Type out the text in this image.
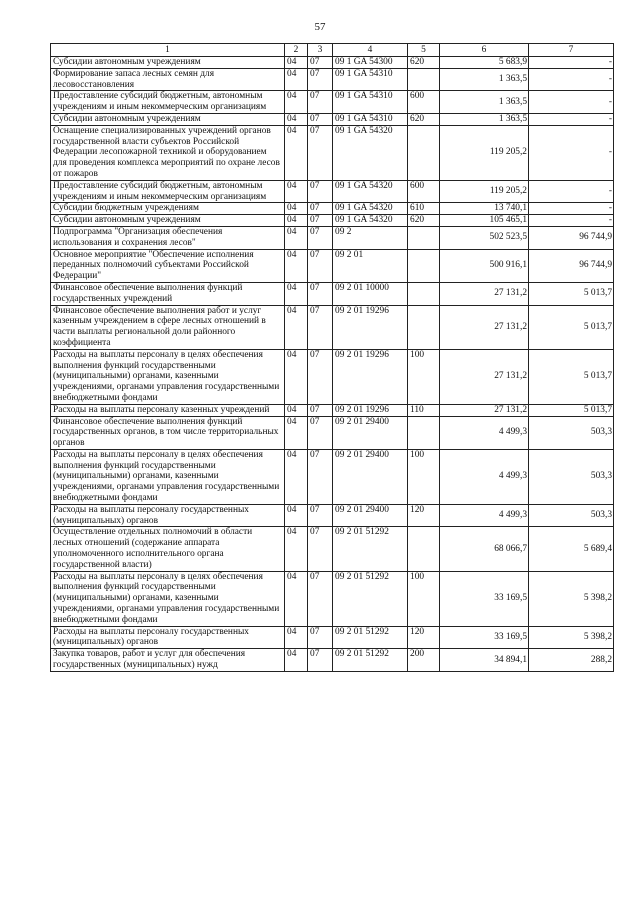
57
1	2	3	4	5	6	7
Субсидии автономным учреждениям	04	07	09 1 GA 54300	620	5 683,9	-
Формирование запаса лесных семян для лесовосстановления	04	07	09 1 GA 54310		1 363,5	-
Предоставление субсидий бюджетным, автономным учреждениям и иным некоммерческим организациям	04	07	09 1 GA 54310	600	1 363,5	-
Субсидии автономным учреждениям	04	07	09 1 GA 54310	620	1 363,5	-
Оснащение специализированных учреждений органов государственной власти субъектов Российской Федерации лесопожарной техникой и оборудованием для проведения комплекса мероприятий по охране лесов от пожаров	04	07	09 1 GA 54320		119 205,2	-
Предоставление субсидий бюджетным, автономным учреждениям и иным некоммерческим организациям	04	07	09 1 GA 54320	600	119 205,2	-
Субсидии бюджетным учреждениям	04	07	09 1 GA 54320	610	13 740,1	-
Субсидии автономным учреждениям	04	07	09 1 GA 54320	620	105 465,1	-
Подпрограмма "Организация обеспечения использования и сохранения лесов"	04	07	09 2		502 523,5	96 744,9
Основное мероприятие "Обеспечение исполнения переданных полномочий субъектами Российской Федерации"	04	07	09 2 01		500 916,1	96 744,9
Финансовое обеспечение выполнения функций государственных учреждений	04	07	09 2 01 10000		27 131,2	5 013,7
Финансовое обеспечение выполнения работ и услуг казенным учреждением в сфере лесных отношений в части выплаты региональной доли районного коэффициента	04	07	09 2 01 19296		27 131,2	5 013,7
Расходы на выплаты персоналу в целях обеспечения выполнения функций государственными (муниципальными) органами, казенными учреждениями, органами управления государственными внебюджетными фондами	04	07	09 2 01 19296	100	27 131,2	5 013,7
Расходы на выплаты персоналу казенных учреждений	04	07	09 2 01 19296	110	27 131,2	5 013,7
Финансовое обеспечение выполнения функций государственных органов, в том числе территориальных органов	04	07	09 2 01 29400		4 499,3	503,3
Расходы на выплаты персоналу в целях обеспечения выполнения функций государственными (муниципальными) органами, казенными учреждениями, органами управления государственными внебюджетными фондами	04	07	09 2 01 29400	100	4 499,3	503,3
Расходы на выплаты персоналу государственных (муниципальных) органов	04	07	09 2 01 29400	120	4 499,3	503,3
Осуществление отдельных полномочий в области лесных отношений (содержание аппарата уполномоченного исполнительного органа государственной власти)	04	07	09 2 01 51292		68 066,7	5 689,4
Расходы на выплаты персоналу в целях обеспечения выполнения функций государственными (муниципальными) органами, казенными учреждениями, органами управления государственными внебюджетными фондами	04	07	09 2 01 51292	100	33 169,5	5 398,2
Расходы на выплаты персоналу государственных (муниципальных) органов	04	07	09 2 01 51292	120	33 169,5	5 398,2
Закупка товаров, работ и услуг для обеспечения государственных (муниципальных) нужд	04	07	09 2 01 51292	200	34 894,1	288,2
